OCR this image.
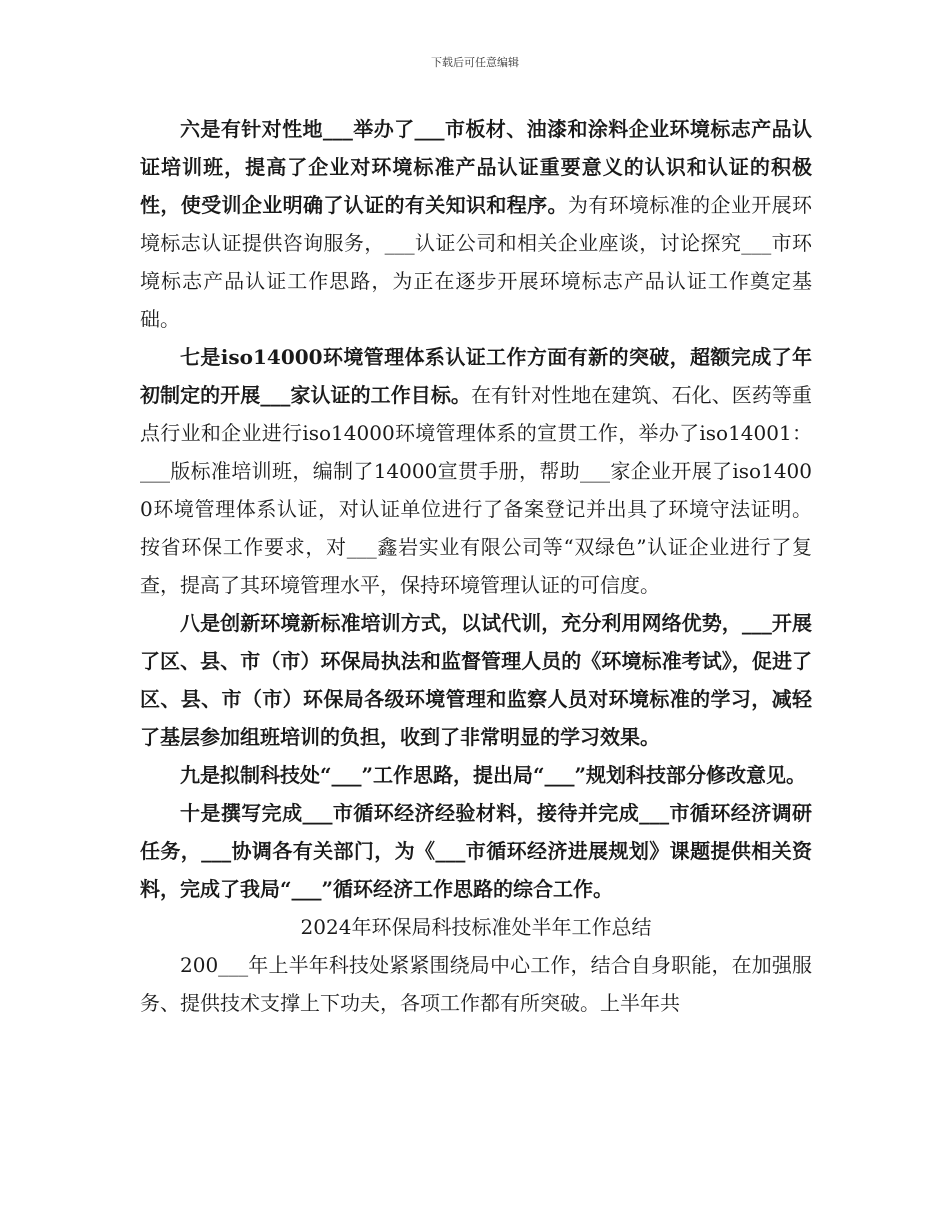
下载后可任意编辑

六是有针对性地___举办了___市板材、油漆和涂料企业环境标志产品认证培训班，提高了企业对环境标准产品认证重要意义的认识和认证的积极性，使受训企业明确了认证的有关知识和程序。为有环境标准的企业开展环境标志认证提供咨询服务，___认证公司和相关企业座谈，讨论探究___市环境标志产品认证工作思路，为正在逐步开展环境标志产品认证工作奠定基础。

七是iso14000环境管理体系认证工作方面有新的突破，超额完成了年初制定的开展___家认证的工作目标。在有针对性地在建筑、石化、医药等重点行业和企业进行iso14000环境管理体系的宣贯工作，举办了iso14001：___版标准培训班，编制了14000宣贯手册，帮助___家企业开展了iso14000环境管理体系认证，对认证单位进行了备案登记并出具了环境守法证明。按省环保工作要求，对___鑫岩实业有限公司等“双绿色”认证企业进行了复查，提高了其环境管理水平，保持环境管理认证的可信度。

八是创新环境新标准培训方式，以试代训，充分利用网络优势，___开展了区、县、市（市）环保局执法和监督管理人员的《环境标准考试》，促进了区、县、市（市）环保局各级环境管理和监察人员对环境标准的学习，减轻了基层参加组班培训的负担，收到了非常明显的学习效果。

九是拟制科技处“___”工作思路，提出局“___”规划科技部分修改意见。

十是撰写完成___市循环经济经验材料，接待并完成___市循环经济调研任务，___协调各有关部门，为《___市循环经济进展规划》课题提供相关资料，完成了我局“___”循环经济工作思路的综合工作。

2024年环保局科技标准处半年工作总结

200___年上半年科技处紧紧围绕局中心工作，结合自身职能，在加强服务、提供技术支撑上下功夫，各项工作都有所突破。上半年共
